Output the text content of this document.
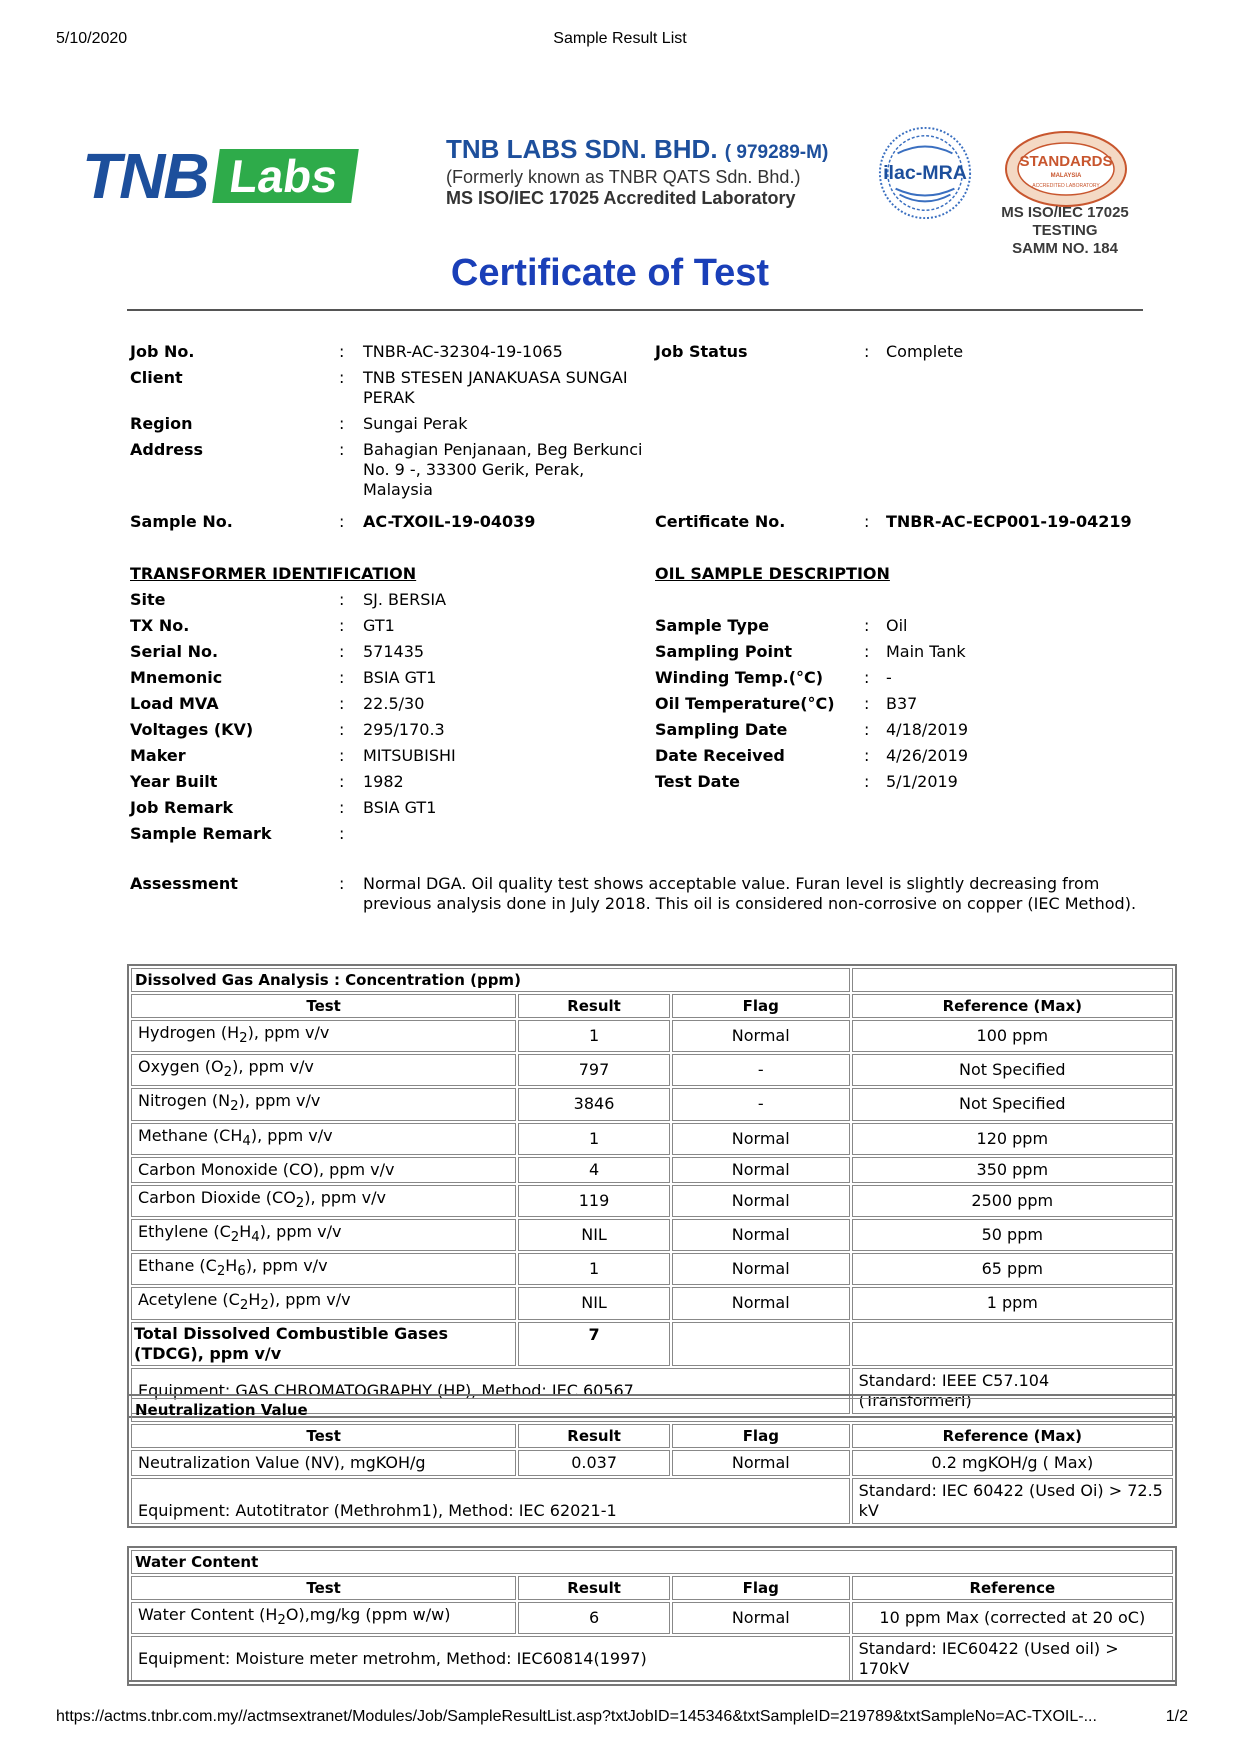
5/10/2020	Sample Result List
TNB Labs
TNB LABS SDN. BHD. ( 979289-M)
(Formerly known as TNBR QATS Sdn. Bhd.)
MS ISO/IEC 17025 Accredited Laboratory
ilac-MRA
STANDARDS
MALAYSIA
ACCREDITED LABORATORY
MS ISO/IEC 17025
TESTING
SAMM NO. 184
Certificate of Test
Job No.	: TNBR-AC-32304-19-1065	Job Status	: Complete
Client	: TNB STESEN JANAKUASA SUNGAI PERAK
Region	: Sungai Perak
Address	: Bahagian Penjanaan, Beg Berkunci No. 9 -, 33300 Gerik, Perak, Malaysia
Sample No.	: AC-TXOIL-19-04039	Certificate No.	: TNBR-AC-ECP001-19-04219
TRANSFORMER IDENTIFICATION	OIL SAMPLE DESCRIPTION
Site	: SJ. BERSIA
TX No.	: GT1	Sample Type	: Oil
Serial No.	: 571435	Sampling Point	: Main Tank
Mnemonic	: BSIA GT1	Winding Temp.(°C)	: -
Load MVA	: 22.5/30	Oil Temperature(°C) : B37
Voltages (KV)	: 295/170.3	Sampling Date	: 4/18/2019
Maker	: MITSUBISHI	Date Received	: 4/26/2019
Year Built	: 1982	Test Date	: 5/1/2019
Job Remark	: BSIA GT1
Sample Remark	:
Assessment	: Normal DGA. Oil quality test shows acceptable value. Furan level is slightly decreasing from previous analysis done in July 2018. This oil is considered non-corrosive on copper (IEC Method).
Dissolved Gas Analysis : Concentration (ppm)			
Test	Result	Flag	Reference (Max)
Hydrogen $(H_2)$, ppm v/v	1	Normal	100 ppm
Oxygen $(O_2)$, ppm v/v	797	-	Not Specified
Nitrogen $(N_2)$, ppm v/v	3846	-	Not Specified
Methane $(CH_4)$, ppm v/v	1	Normal	120 ppm
Carbon Monoxide (CO), ppm v/v	4	Normal	350 ppm
Carbon Dioxide $(CO_2)$, ppm v/v	119	Normal	2500 ppm
Ethylene $(C_2H_4)$, ppm v/v	NIL	Normal	50 ppm
Ethane $(C_2H_6)$, ppm v/v	1	Normal	65 ppm
Acetylene $(C_2H_2)$, ppm v/v	NIL	Normal	1 ppm
Total Dissolved Combustible Gases (TDCG), ppm v/v	7		
Equipment: GAS CHROMATOGRAPHY (HP), Method: IEC 60567			Standard: IEEE C57.104 (TransformerI)
Neutralization Value			
Test	Result	Flag	Reference (Max)
Neutralization Value (NV), mgKOH/g	0.037	Normal	0.2 mgKOH/g ( Max)
Equipment: Autotitrator (Methrohm1), Method: IEC 62021-1			Standard: IEC 60422 (Used Oi) > 72.5 kV
Water Content			
Test	Result	Flag	Reference
Water Content $(H_2O),mg/kg$ (ppm w/w)	6	Normal	10 ppm Max (corrected at 20 oC)
Equipment: Moisture meter metrohm, Method: IEC60814(1997)			Standard: IEC60422 (Used oil) > 170kV
https://actms.tnbr.com.my//actmsextranet/Modules/Job/SampleResultList.asp?txtJobID=145346&txtSampleID=219789&txtSampleNo=AC-TXOIL-...	1/2
